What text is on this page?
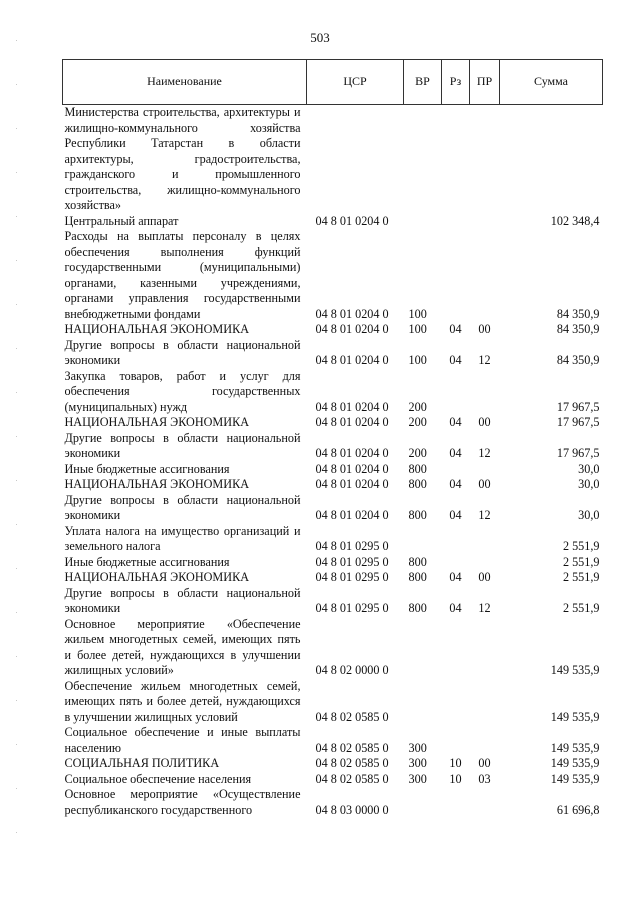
503
Наименование	ЦСР	ВР	Рз	ПР	Сумма
Министерства строительства, архитектуры и жилищно-коммунального хозяйства Республики Татарстан в области архитектуры, градостроительства, гражданского и промышленного строительства, жилищно-коммунального хозяйства»					
Центральный аппарат	04 8 01 0204 0				102 348,4
Расходы на выплаты персоналу в целях обеспечения выполнения функций государственными (муниципальными) органами, казенными учреждениями, органами управления государственными внебюджетными фондами	04 8 01 0204 0	100			84 350,9
НАЦИОНАЛЬНАЯ ЭКОНОМИКА	04 8 01 0204 0	100	04	00	84 350,9
Другие вопросы в области национальной экономики	04 8 01 0204 0	100	04	12	84 350,9
Закупка товаров, работ и услуг для обеспечения государственных (муниципальных) нужд	04 8 01 0204 0	200			17 967,5
НАЦИОНАЛЬНАЯ ЭКОНОМИКА	04 8 01 0204 0	200	04	00	17 967,5
Другие вопросы в области национальной экономики	04 8 01 0204 0	200	04	12	17 967,5
Иные бюджетные ассигнования	04 8 01 0204 0	800			30,0
НАЦИОНАЛЬНАЯ ЭКОНОМИКА	04 8 01 0204 0	800	04	00	30,0
Другие вопросы в области национальной экономики	04 8 01 0204 0	800	04	12	30,0
Уплата налога на имущество организаций и земельного налога	04 8 01 0295 0				2 551,9
Иные бюджетные ассигнования	04 8 01 0295 0	800			2 551,9
НАЦИОНАЛЬНАЯ ЭКОНОМИКА	04 8 01 0295 0	800	04	00	2 551,9
Другие вопросы в области национальной экономики	04 8 01 0295 0	800	04	12	2 551,9
Основное мероприятие «Обеспечение жильем многодетных семей, имеющих пять и более детей, нуждающихся в улучшении жилищных условий»	04 8 02 0000 0				149 535,9
Обеспечение жильем многодетных семей, имеющих пять и более детей, нуждающихся в улучшении жилищных условий	04 8 02 0585 0				149 535,9
Социальное обеспечение и иные выплаты населению	04 8 02 0585 0	300			149 535,9
СОЦИАЛЬНАЯ ПОЛИТИКА	04 8 02 0585 0	300	10	00	149 535,9
Социальное обеспечение населения	04 8 02 0585 0	300	10	03	149 535,9
Основное мероприятие «Осуществление республиканского государственного	04 8 03 0000 0				61 696,8
